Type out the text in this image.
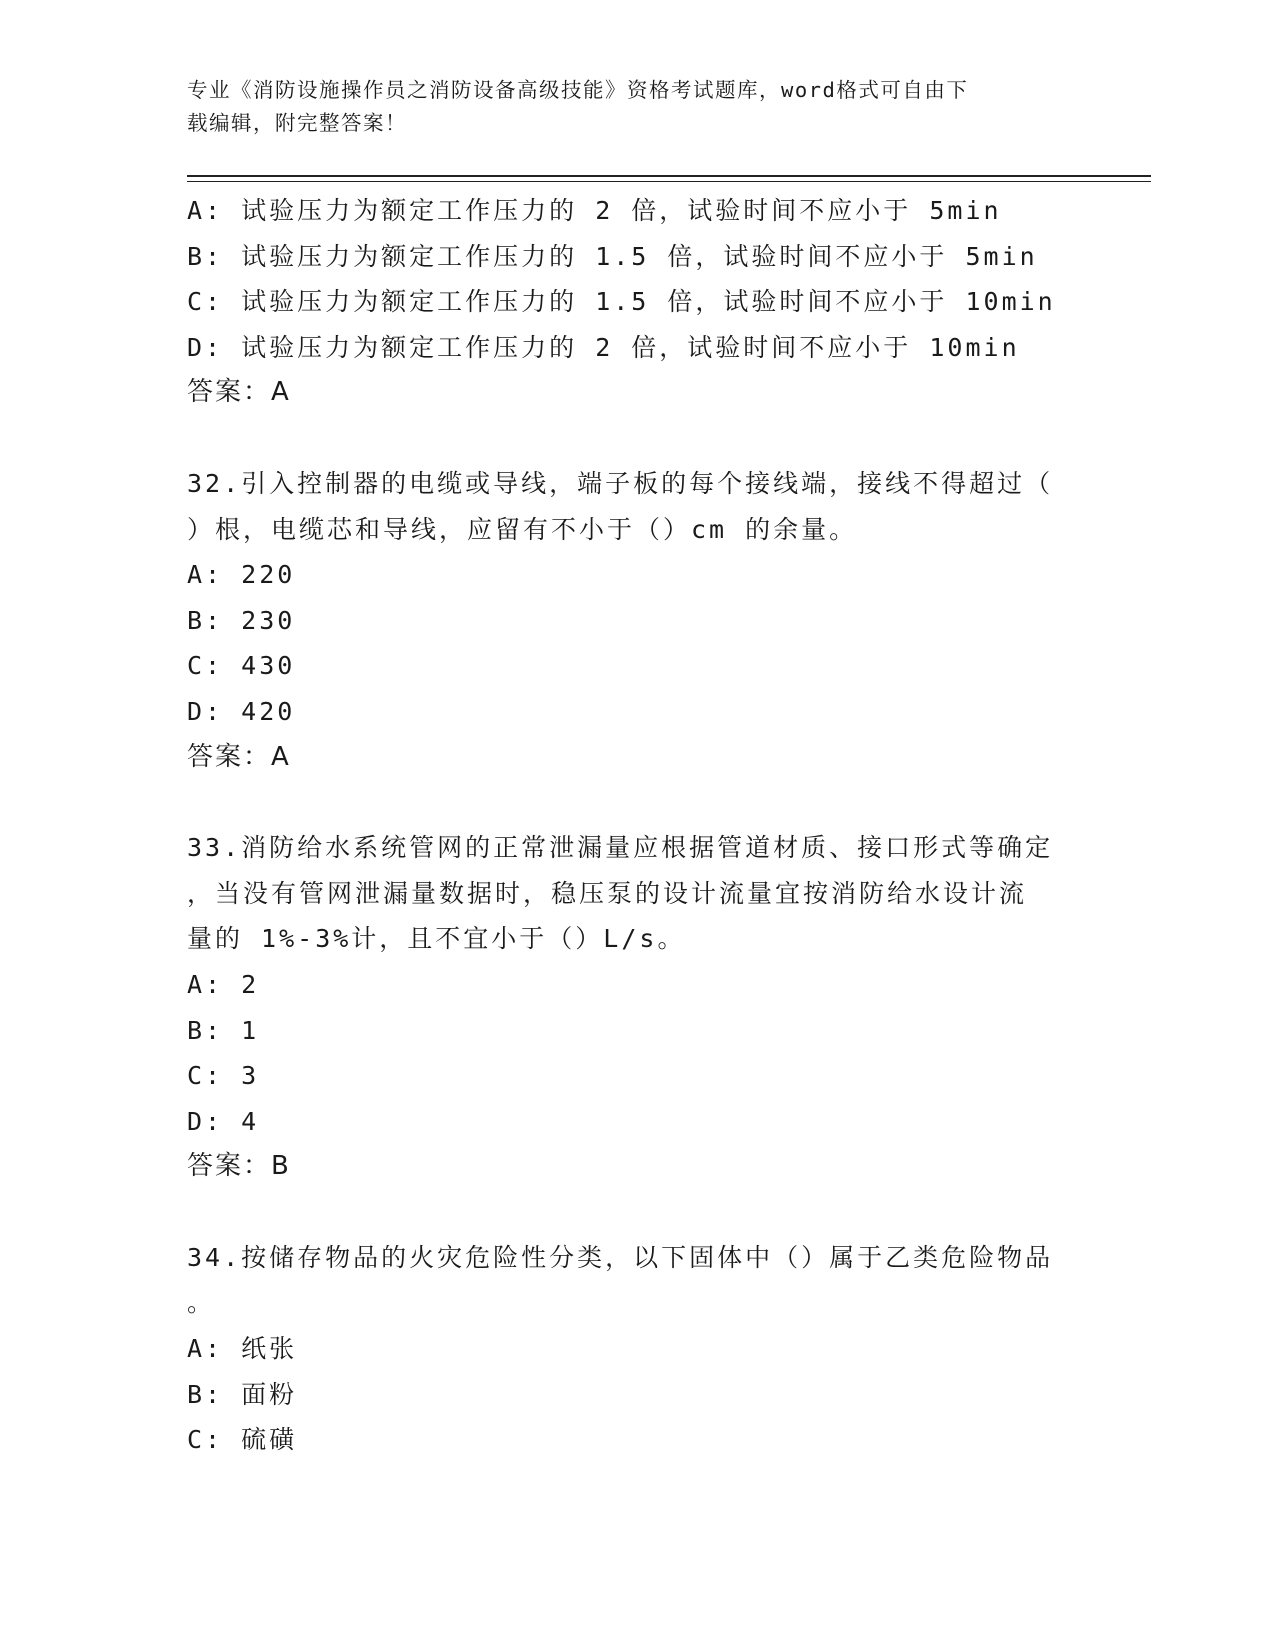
专业《消防设施操作员之消防设备高级技能》资格考试题库，word格式可自由下
载编辑，附完整答案！
A: 试验压力为额定工作压力的 2 倍，试验时间不应小于 5min
B: 试验压力为额定工作压力的 1.5 倍，试验时间不应小于 5min
C: 试验压力为额定工作压力的 1.5 倍，试验时间不应小于 10min
D: 试验压力为额定工作压力的 2 倍，试验时间不应小于 10min
答案：A
32.引入控制器的电缆或导线，端子板的每个接线端，接线不得超过（
）根，电缆芯和导线，应留有不小于（）cm 的余量。
A: 220
B: 230
C: 430
D: 420
答案：A
33.消防给水系统管网的正常泄漏量应根据管道材质、接口形式等确定
，当没有管网泄漏量数据时，稳压泵的设计流量宜按消防给水设计流
量的 1%-3%计，且不宜小于（）L/s。
A: 2
B: 1
C: 3
D: 4
答案：B
34.按储存物品的火灾危险性分类，以下固体中（）属于乙类危险物品
。
A: 纸张
B: 面粉
C: 硫磺
